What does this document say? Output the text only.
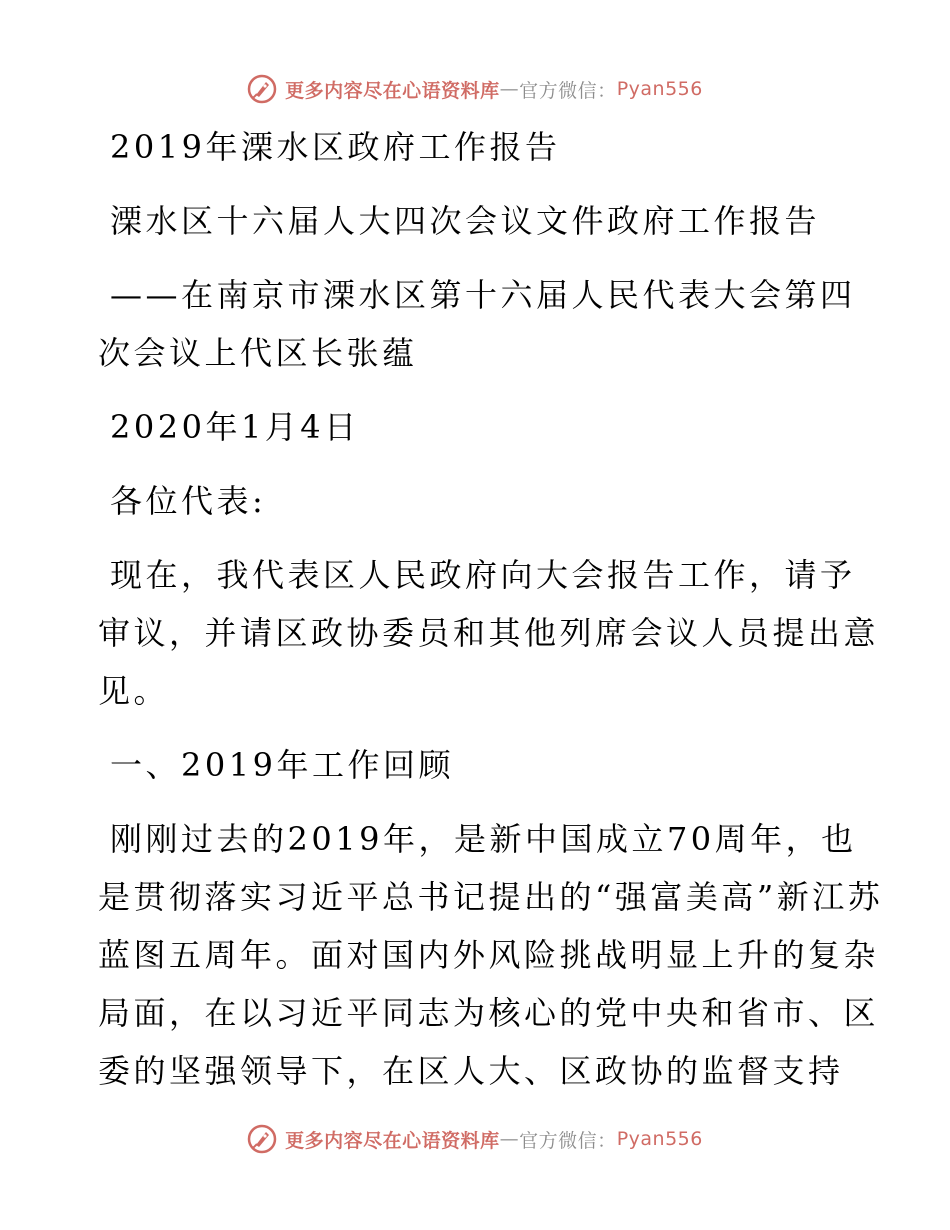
更多内容尽在心语资料库 — 官方微信： Pyan556

2019年溧水区政府工作报告

溧水区十六届人大四次会议文件政府工作报告

——在南京市溧水区第十六届人民代表大会第四次会议上代区长张蕴

2020年1月4日

各位代表:

现在，我代表区人民政府向大会报告工作，请予审议，并请区政协委员和其他列席会议人员提出意见。

一、2019年工作回顾

刚刚过去的2019年，是新中国成立70周年，也是贯彻落实习近平总书记提出的“强富美高”新江苏蓝图五周年。面对国内外风险挑战明显上升的复杂局面，在以习近平同志为核心的党中央和省市、区委的坚强领导下，在区人大、区政协的监督支持

更多内容尽在心语资料库 — 官方微信： Pyan556
